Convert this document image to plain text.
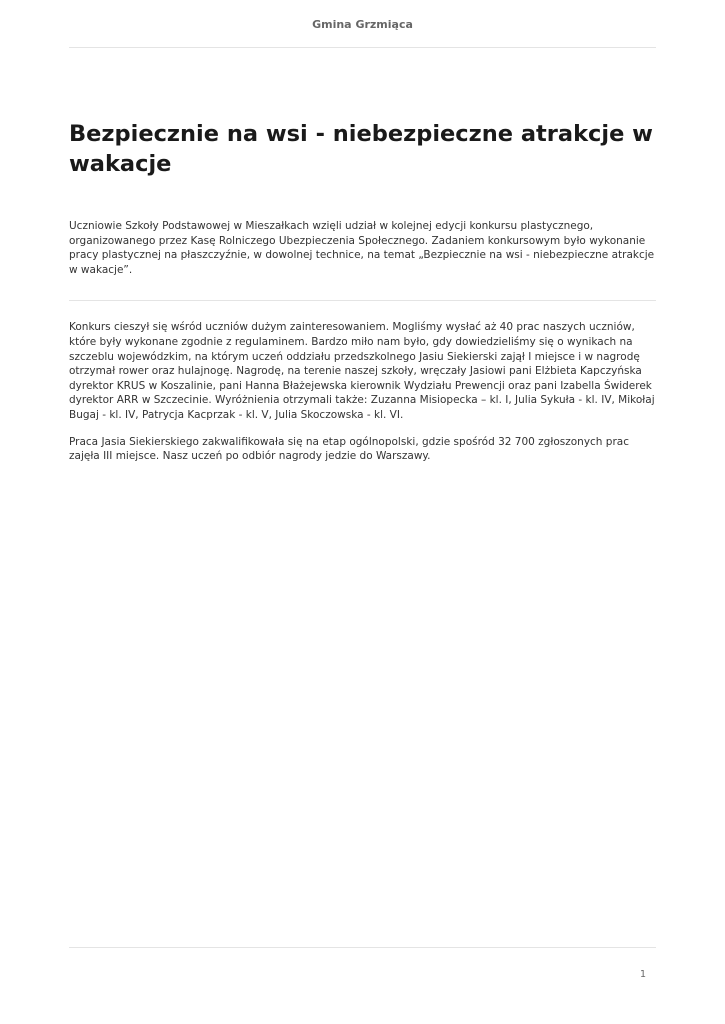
Gmina Grzmiąca
Bezpiecznie na wsi - niebezpieczne atrakcje w wakacje

Uczniowie Szkoły Podstawowej w Mieszałkach wzięli udział w kolejnej edycji konkursu plastycznego, organizowanego przez Kasę Rolniczego Ubezpieczenia Społecznego. Zadaniem konkursowym było wykonanie pracy plastycznej na płaszczyźnie, w dowolnej technice, na temat „Bezpiecznie na wsi - niebezpieczne atrakcje w wakacje”.

Konkurs cieszył się wśród uczniów dużym zainteresowaniem. Mogliśmy wysłać aż 40 prac naszych uczniów, które były wykonane zgodnie z regulaminem. Bardzo miło nam było, gdy dowiedzieliśmy się o wynikach na szczeblu wojewódzkim, na którym uczeń oddziału przedszkolnego Jasiu Siekierski zajął I miejsce i w nagrodę otrzymał rower oraz hulajnogę. Nagrodę, na terenie naszej szkoły, wręczały Jasiowi pani Elżbieta Kapczyńska dyrektor KRUS w Koszalinie, pani Hanna Błażejewska kierownik Wydziału Prewencji oraz pani Izabella Świderek dyrektor ARR w Szczecinie. Wyróżnienia otrzymali także: Zuzanna Misiopecka – kl. I, Julia Sykuła - kl. IV, Mikołaj Bugaj - kl. IV, Patrycja Kacprzak - kl. V, Julia Skoczowska - kl. VI.

Praca Jasia Siekierskiego zakwalifikowała się na etap ogólnopolski, gdzie spośród 32 700 zgłoszonych prac zajęła III miejsce. Nasz uczeń po odbiór nagrody jedzie do Warszawy.

1
